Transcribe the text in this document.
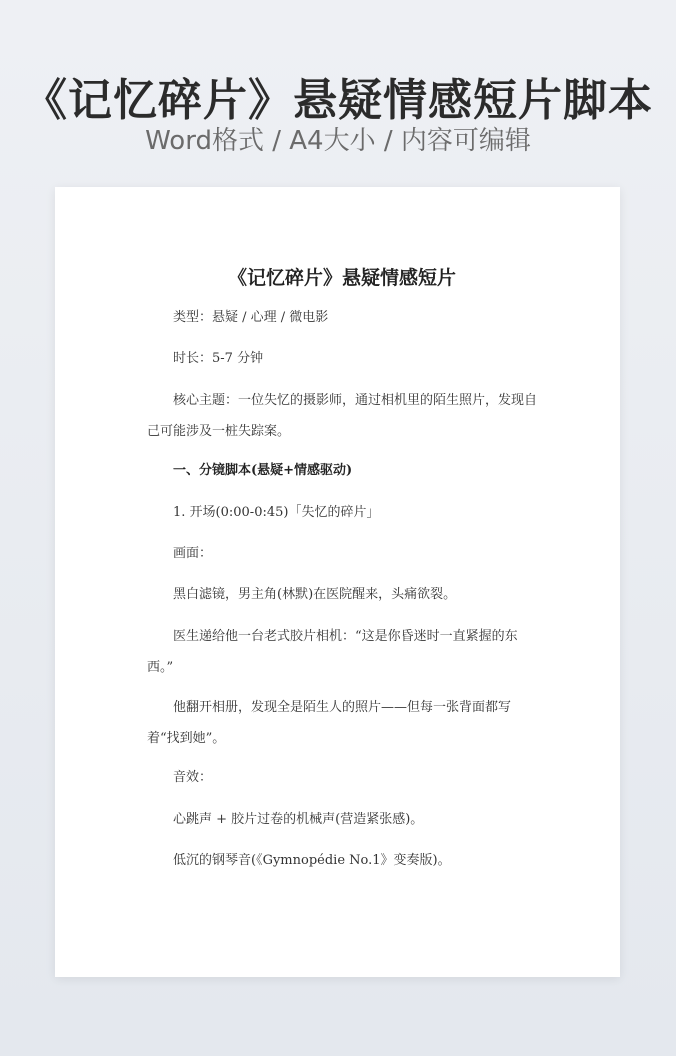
《记忆碎片》悬疑情感短片脚本
Word格式 / A4大小 / 内容可编辑
《记忆碎片》悬疑情感短片
类型：悬疑 / 心理 / 微电影
时长：5-7 分钟
核心主题：一位失忆的摄影师，通过相机里的陌生照片，发现自己可能涉及一桩失踪案。
一、分镜脚本(悬疑+情感驱动)
1. 开场(0:00-0:45)「失忆的碎片」
画面：
黑白滤镜，男主角(林默)在医院醒来，头痛欲裂。
医生递给他一台老式胶片相机：“这是你昏迷时一直紧握的东西。”
他翻开相册，发现全是陌生人的照片——但每一张背面都写着“找到她”。
音效：
心跳声 + 胶片过卷的机械声(营造紧张感)。
低沉的钢琴音(《Gymnopédie No.1》变奏版)。
